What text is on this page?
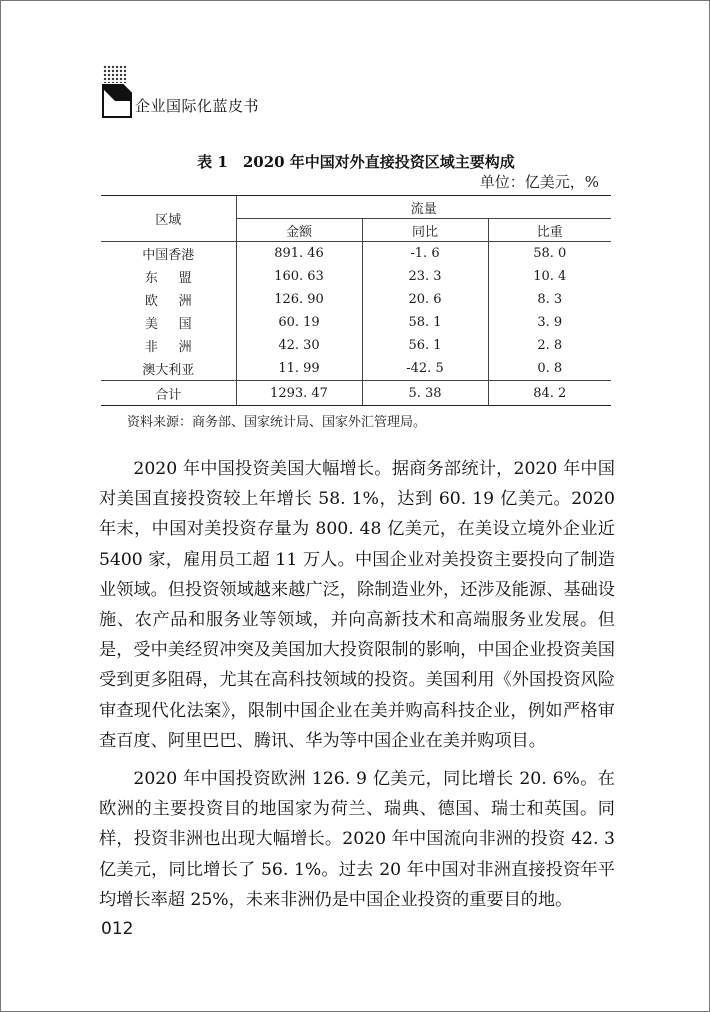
企业国际化蓝皮书
表 1　2020 年中国对外直接投资区域主要构成
单位：亿美元，%
区域	流量		
	金额	同比	比重
中国香港	891. 46	-1. 6	58. 0
东盟	160. 63	23. 3	10. 4
欧洲	126. 90	20. 6	8. 3
美国	60. 19	58. 1	3. 9
非洲	42. 30	56. 1	2. 8
澳大利亚	11. 99	-42. 5	0. 8
合计	1293. 47	5. 38	84. 2
资料来源：商务部、国家统计局、国家外汇管理局。

2020 年中国投资美国大幅增长。据商务部统计，2020 年中国对美国直接投资较上年增长 58. 1%，达到 60. 19 亿美元。2020 年末，中国对美投资存量为 800. 48 亿美元，在美设立境外企业近 5400 家，雇用员工超 11 万人。中国企业对美投资主要投向了制造业领域。但投资领域越来越广泛，除制造业外，还涉及能源、基础设施、农产品和服务业等领域，并向高新技术和高端服务业发展。但是，受中美经贸冲突及美国加大投资限制的影响，中国企业投资美国受到更多阻碍，尤其在高科技领域的投资。美国利用《外国投资风险审查现代化法案》，限制中国企业在美并购高科技企业，例如严格审查百度、阿里巴巴、腾讯、华为等中国企业在美并购项目。

2020 年中国投资欧洲 126. 9 亿美元，同比增长 20. 6%。在欧洲的主要投资目的地国家为荷兰、瑞典、德国、瑞士和英国。同样，投资非洲也出现大幅增长。2020 年中国流向非洲的投资 42. 3 亿美元，同比增长了 56. 1%。过去 20 年中国对非洲直接投资年平均增长率超 25%，未来非洲仍是中国企业投资的重要目的地。

012
